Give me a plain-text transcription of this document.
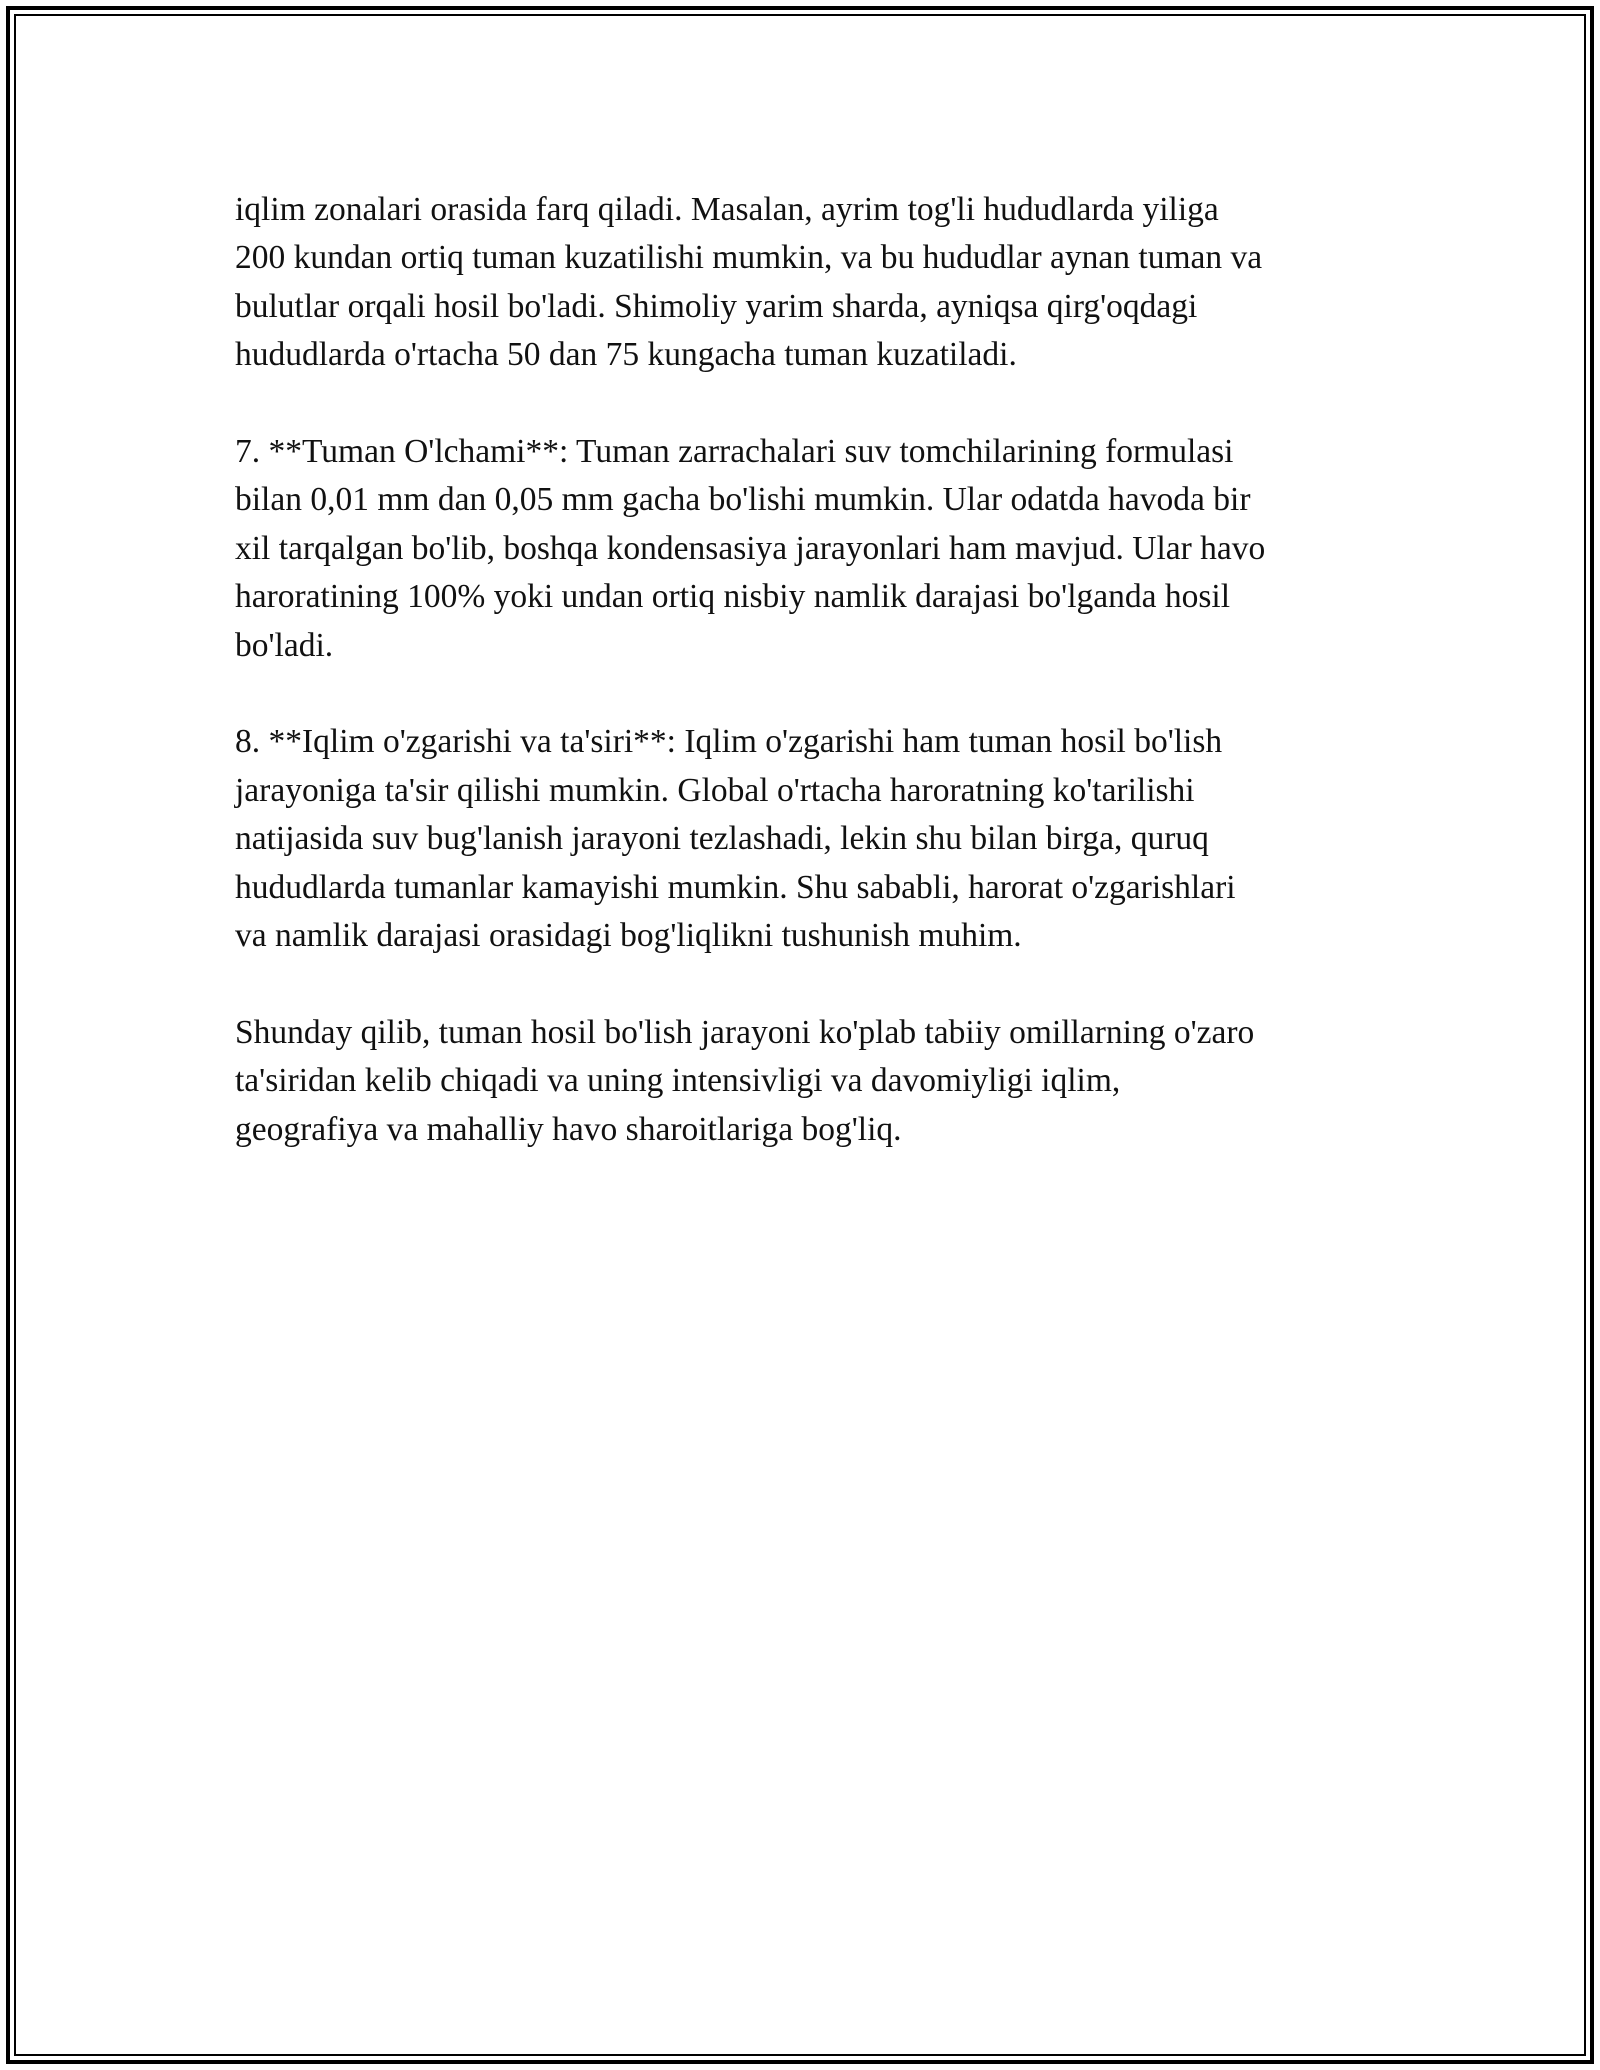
iqlim zonalari orasida farq qiladi. Masalan, ayrim tog'li hududlarda yiliga
200 kundan ortiq tuman kuzatilishi mumkin, va bu hududlar aynan tuman va
bulutlar orqali hosil bo'ladi. Shimoliy yarim sharda, ayniqsa qirg'oqdagi
hududlarda o'rtacha 50 dan 75 kungacha tuman kuzatiladi.

7. **Tuman O'lchami**: Tuman zarrachalari suv tomchilarining formulasi
bilan 0,01 mm dan 0,05 mm gacha bo'lishi mumkin. Ular odatda havoda bir
xil tarqalgan bo'lib, boshqa kondensasiya jarayonlari ham mavjud. Ular havo
haroratining 100% yoki undan ortiq nisbiy namlik darajasi bo'lganda hosil
bo'ladi.

8. **Iqlim o'zgarishi va ta'siri**: Iqlim o'zgarishi ham tuman hosil bo'lish
jarayoniga ta'sir qilishi mumkin. Global o'rtacha haroratning ko'tarilishi
natijasida suv bug'lanish jarayoni tezlashadi, lekin shu bilan birga, quruq
hududlarda tumanlar kamayishi mumkin. Shu sababli, harorat o'zgarishlari
va namlik darajasi orasidagi bog'liqlikni tushunish muhim.

Shunday qilib, tuman hosil bo'lish jarayoni ko'plab tabiiy omillarning o'zaro
ta'siridan kelib chiqadi va uning intensivligi va davomiyligi iqlim,
geografiya va mahalliy havo sharoitlariga bog'liq.
